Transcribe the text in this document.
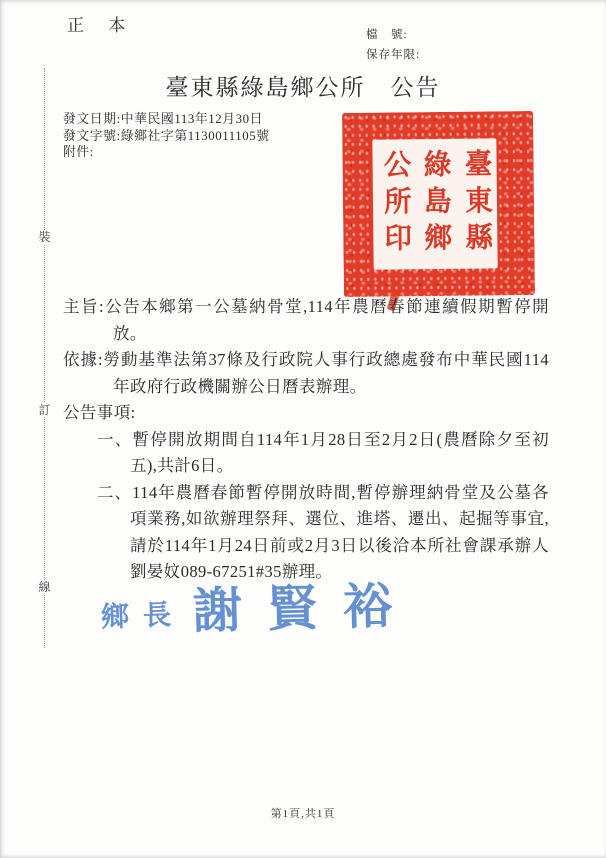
正 本	檔　號:
保存年限:
臺東縣綠島鄉公所　公告
發文日期:中華民國113年12月30日
發文字號:綠鄉社字第1130011105號
附件:
裝
訂
線
臺東縣
綠島鄉
公所印
主旨:公告本鄉第一公墓納骨堂,114年農曆春節連續假期暫停開放。
依據:勞動基準法第37條及行政院人事行政總處發布中華民國114年政府行政機關辦公日曆表辦理。
公告事項:
一、暫停開放期間自114年1月28日至2月2日(農曆除夕至初五),共計6日。
二、114年農曆春節暫停開放時間,暫停辦理納骨堂及公墓各項業務,如欲辦理祭拜、選位、進塔、遷出、起掘等事宜,請於114年1月24日前或2月3日以後洽本所社會課承辦人劉晏妏089-67251#35辦理。
鄉長 謝賢裕
第1頁,共1頁
